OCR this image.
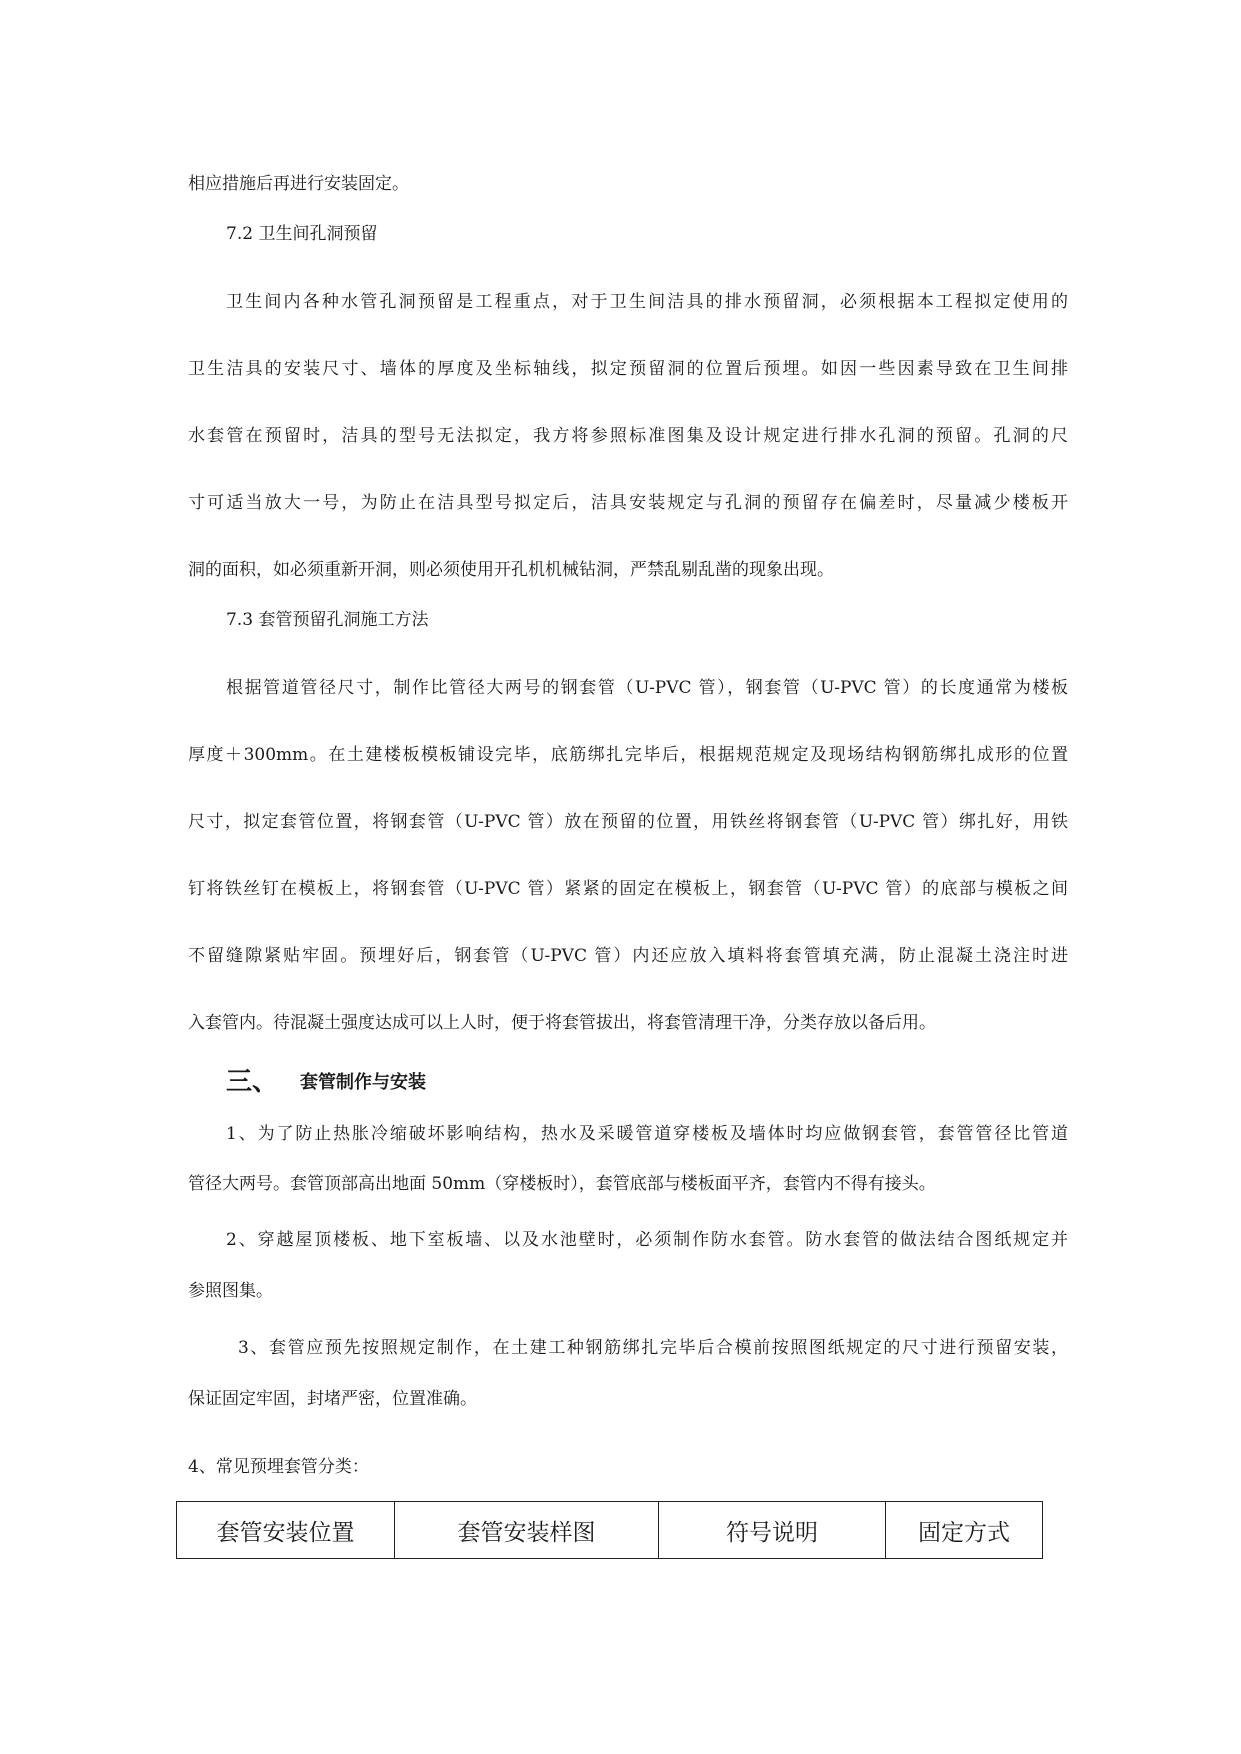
相应措施后再进行安装固定。
7.2 卫生间孔洞预留
卫生间内各种水管孔洞预留是工程重点，对于卫生间洁具的排水预留洞，必须根据本工程拟定使用的
卫生洁具的安装尺寸、墙体的厚度及坐标轴线，拟定预留洞的位置后预埋。如因一些因素导致在卫生间排
水套管在预留时，洁具的型号无法拟定，我方将参照标准图集及设计规定进行排水孔洞的预留。孔洞的尺
寸可适当放大一号，为防止在洁具型号拟定后，洁具安装规定与孔洞的预留存在偏差时，尽量减少楼板开
洞的面积，如必须重新开洞，则必须使用开孔机机械钻洞，严禁乱剔乱凿的现象出现。
7.3 套管预留孔洞施工方法
根据管道管径尺寸，制作比管径大两号的钢套管（U-PVC 管），钢套管（U-PVC 管）的长度通常为楼板
厚度＋300mm。在土建楼板模板铺设完毕，底筋绑扎完毕后，根据规范规定及现场结构钢筋绑扎成形的位置
尺寸，拟定套管位置，将钢套管（U-PVC 管）放在预留的位置，用铁丝将钢套管（U-PVC 管）绑扎好，用铁
钉将铁丝钉在模板上，将钢套管（U-PVC 管）紧紧的固定在模板上，钢套管（U-PVC 管）的底部与模板之间
不留缝隙紧贴牢固。预埋好后，钢套管（U-PVC 管）内还应放入填料将套管填充满，防止混凝土浇注时进
入套管内。待混凝土强度达成可以上人时，便于将套管拔出，将套管清理干净，分类存放以备后用。
三、 套管制作与安装
1、为了防止热胀冷缩破坏影响结构，热水及采暖管道穿楼板及墙体时均应做钢套管，套管管径比管道
管径大两号。套管顶部高出地面 50mm（穿楼板时），套管底部与楼板面平齐，套管内不得有接头。
2、穿越屋顶楼板、地下室板墙、以及水池壁时，必须制作防水套管。防水套管的做法结合图纸规定并
参照图集。
3、套管应预先按照规定制作，在土建工种钢筋绑扎完毕后合模前按照图纸规定的尺寸进行预留安装，
保证固定牢固，封堵严密，位置准确。
4、常见预埋套管分类：
套管安装位置	套管安装样图	符号说明	固定方式
